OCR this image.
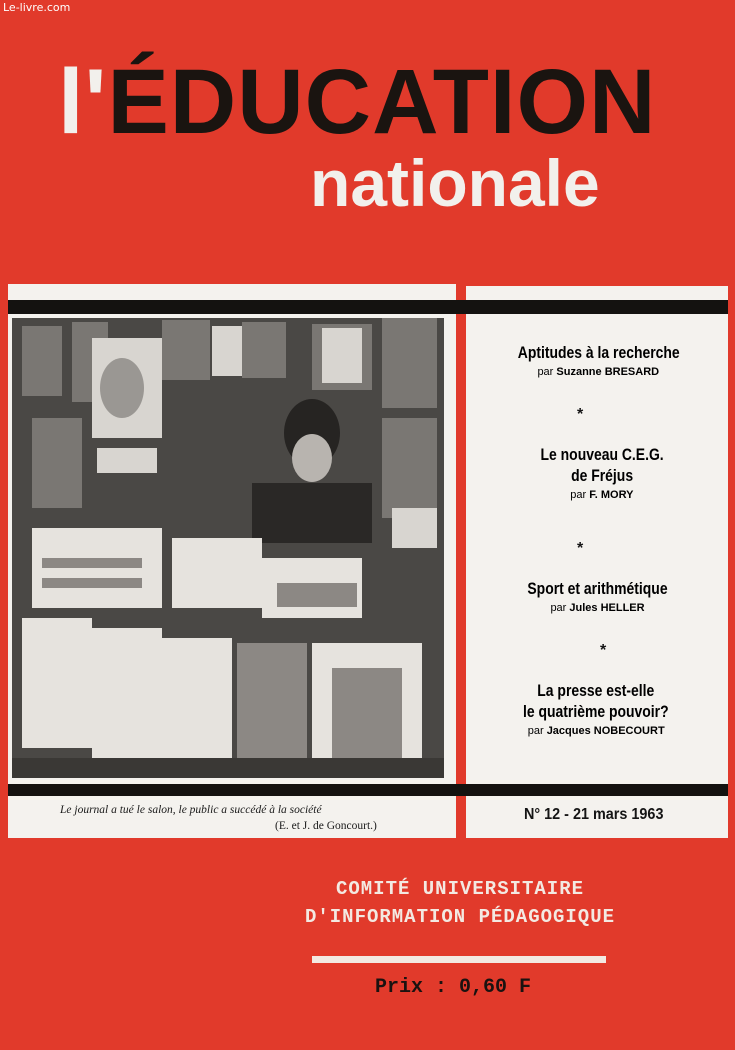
Le-livre.com
l'ÉDUCATION
nationale
Le journal a tué le salon, le public a succédé à la société
(E. et J. de Goncourt.)
Aptitudes à la recherche
par Suzanne BRESARD
*
Le nouveau C.E.G.
de Fréjus
par F. MORY
*
Sport et arithmétique
par Jules HELLER
*
La presse est-elle
le quatrième pouvoir?
par Jacques NOBECOURT
N° 12 - 21 mars 1963
COMITÉ UNIVERSITAIRE
D'INFORMATION PÉDAGOGIQUE
Prix : 0,60 F
